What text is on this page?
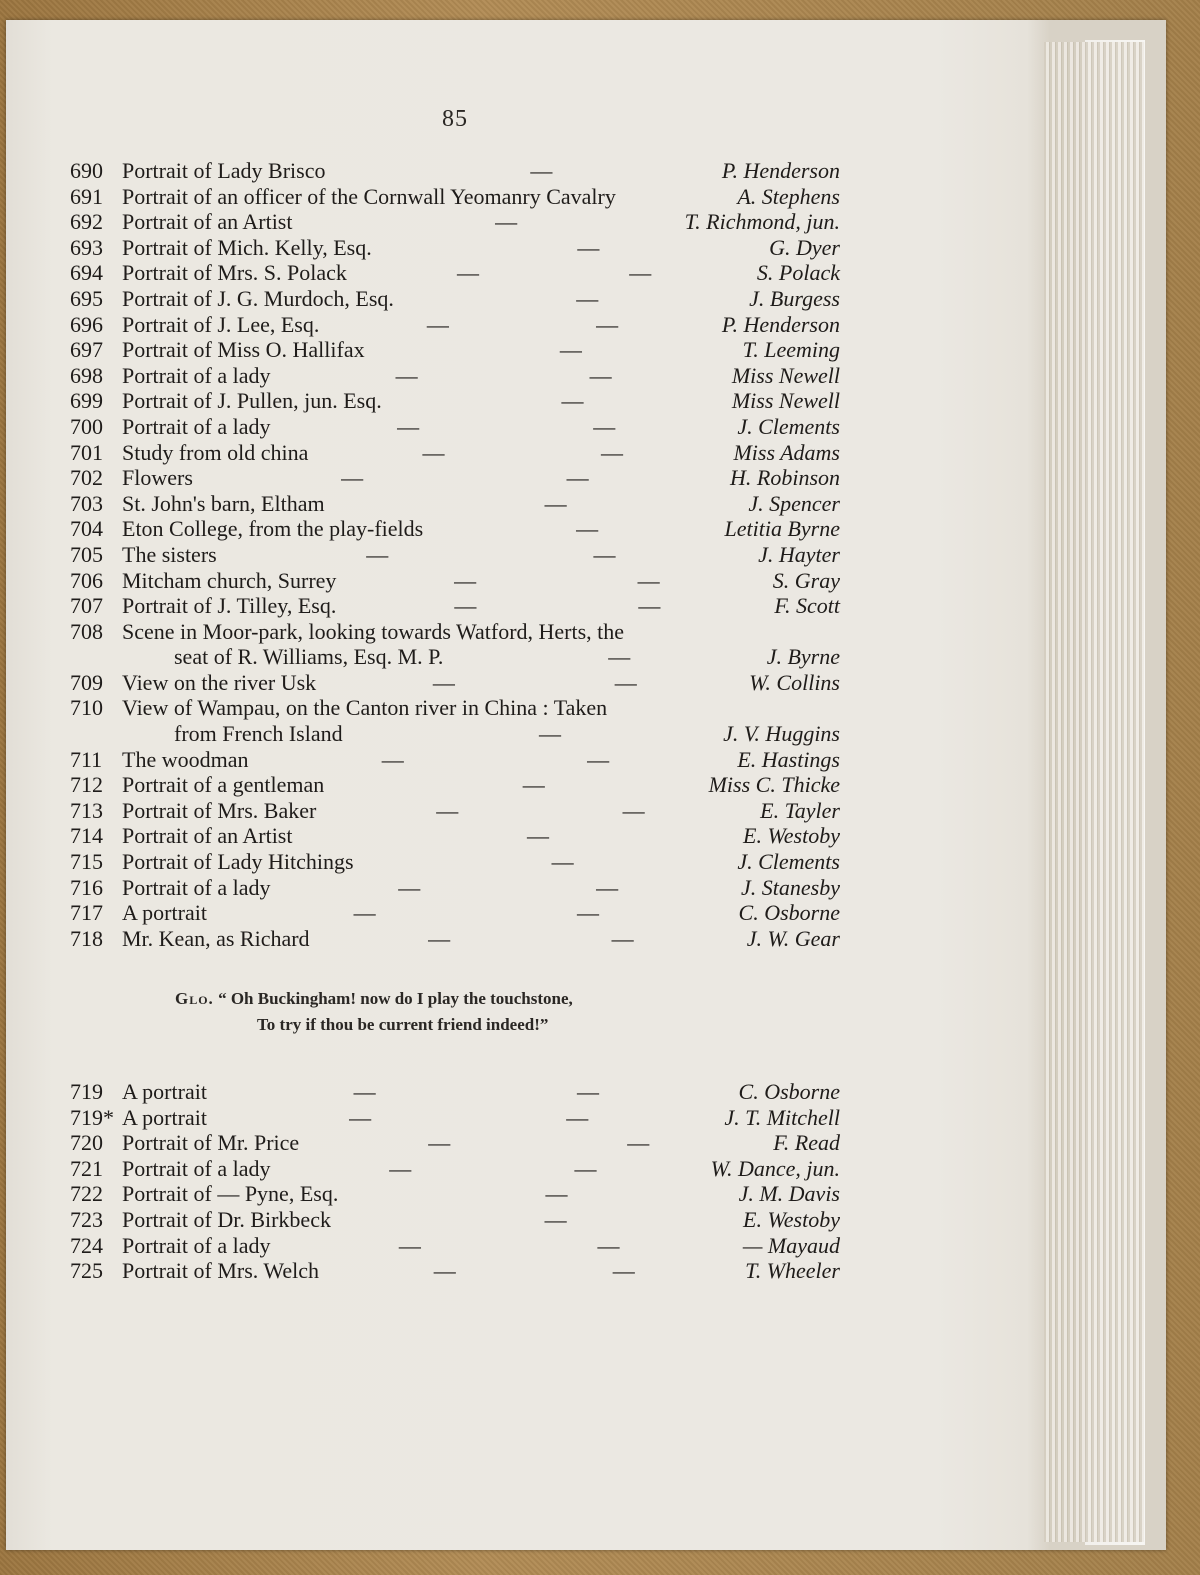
85
690 Portrait of Lady Brisco	—	P. Henderson
691 Portrait of an officer of the Cornwall Yeomanry Cavalry	A. Stephens
692 Portrait of an Artist	—	T. Richmond, jun.
693 Portrait of Mich. Kelly, Esq.	—	G. Dyer
694 Portrait of Mrs. S. Polack	—	—	S. Polack
695 Portrait of J. G. Murdoch, Esq.	—	J. Burgess
696 Portrait of J. Lee, Esq.	—	—	P. Henderson
697 Portrait of Miss O. Hallifax	—	T. Leeming
698 Portrait of a lady	—	—	Miss Newell
699 Portrait of J. Pullen, jun. Esq.	—	Miss Newell
700 Portrait of a lady	—	—	J. Clements
701 Study from old china	—	—	Miss Adams
702 Flowers	—	—	H. Robinson
703 St. John's barn, Eltham	—	J. Spencer
704 Eton College, from the play-fields	—	Letitia Byrne
705 The sisters	—	—	J. Hayter
706 Mitcham church, Surrey	—	—	S. Gray
707 Portrait of J. Tilley, Esq.	—	—	F. Scott
708 Scene in Moor-park, looking towards Watford, Herts, the
seat of R. Williams, Esq. M. P.	—	J. Byrne
709 View on the river Usk	—	—	W. Collins
710 View of Wampau, on the Canton river in China : Taken
from French Island	—	J. V. Huggins
711 The woodman	—	—	E. Hastings
712 Portrait of a gentleman	—	Miss C. Thicke
713 Portrait of Mrs. Baker	—	—	E. Tayler
714 Portrait of an Artist	—	E. Westoby
715 Portrait of Lady Hitchings	—	J. Clements
716 Portrait of a lady	—	—	J. Stanesby
717 A portrait	—	—	C. Osborne
718 Mr. Kean, as Richard	—	—	J. W. Gear
Glo. “ Oh Buckingham! now do I play the touchstone,
To try if thou be current friend indeed!”
719 A portrait	—	—	C. Osborne
719* A portrait	—	—	J. T. Mitchell
720 Portrait of Mr. Price	—	—	F. Read
721 Portrait of a lady	—	—	W. Dance, jun.
722 Portrait of — Pyne, Esq.	—	J. M. Davis
723 Portrait of Dr. Birkbeck	—	E. Westoby
724 Portrait of a lady	—	—	— Mayaud
725 Portrait of Mrs. Welch	—	—	T. Wheeler
